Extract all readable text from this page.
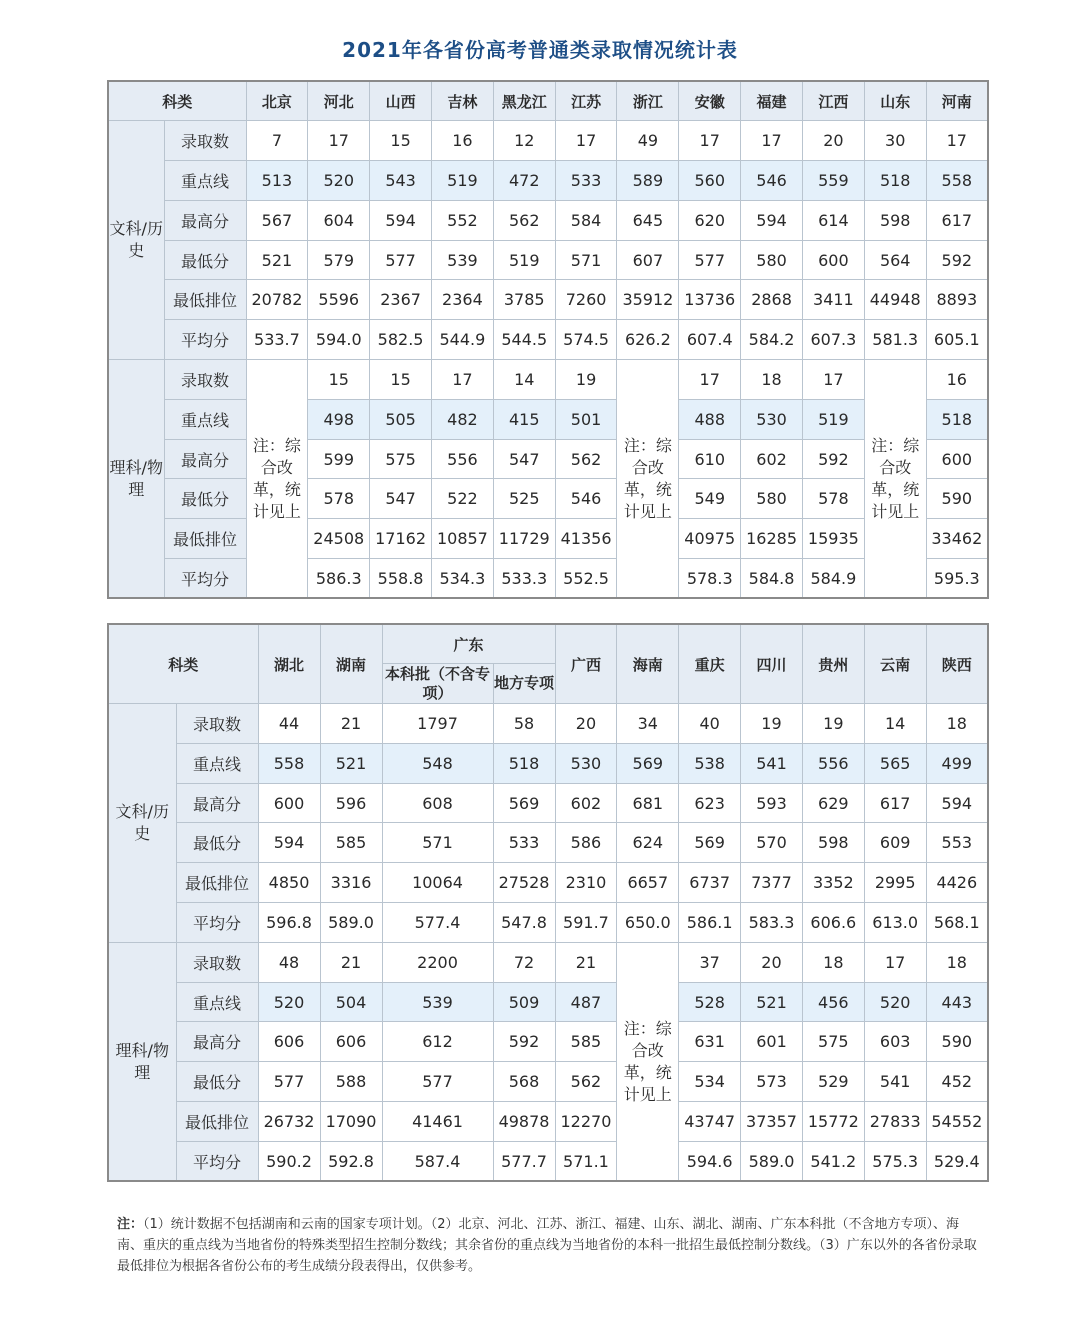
2021年各省份高考普通类录取情况统计表
科类		北京	河北	山西	吉林	黑龙江	江苏	浙江	安徽	福建	江西	山东	河南
文科/历史	录取数	7	17	15	16	12	17	49	17	17	20	30	17
	重点线	513	520	543	519	472	533	589	560	546	559	518	558
	最高分	567	604	594	552	562	584	645	620	594	614	598	617
	最低分	521	579	577	539	519	571	607	577	580	600	564	592
	最低排位	20782	5596	2367	2364	3785	7260	35912	13736	2868	3411	44948	8893
	平均分	533.7	594.0	582.5	544.9	544.5	574.5	626.2	607.4	584.2	607.3	581.3	605.1
理科/物理	录取数	注：综合改革，统计见上	15	15	17	14	19	注：综合改革，统计见上	17	18	17	注：综合改革，统计见上	16
	重点线		498	505	482	415	501		488	530	519		518
	最高分		599	575	556	547	562		610	602	592		600
	最低分		578	547	522	525	546		549	580	578		590
	最低排位		24508	17162	10857	11729	41356		40975	16285	15935		33462
	平均分		586.3	558.8	534.3	533.3	552.5		578.3	584.8	584.9		595.3
科类		湖北	湖南	广东		广西	海南	重庆	四川	贵州	云南	陕西
				本科批（不含专项）	地方专项							
文科/历史	录取数	44	21	1797	58	20	34	40	19	19	14	18
	重点线	558	521	548	518	530	569	538	541	556	565	499
	最高分	600	596	608	569	602	681	623	593	629	617	594
	最低分	594	585	571	533	586	624	569	570	598	609	553
	最低排位	4850	3316	10064	27528	2310	6657	6737	7377	3352	2995	4426
	平均分	596.8	589.0	577.4	547.8	591.7	650.0	586.1	583.3	606.6	613.0	568.1
理科/物理	录取数	48	21	2200	72	21	注：综合改革，统计见上	37	20	18	17	18
	重点线	520	504	539	509	487		528	521	456	520	443
	最高分	606	606	612	592	585		631	601	575	603	590
	最低分	577	588	577	568	562		534	573	529	541	452
	最低排位	26732	17090	41461	49878	12270		43747	37357	15772	27833	54552
	平均分	590.2	592.8	587.4	577.7	571.1		594.6	589.0	541.2	575.3	529.4
注：（1）统计数据不包括湖南和云南的国家专项计划。（2）北京、河北、江苏、浙江、福建、山东、湖北、湖南、广东本科批（不含地方专项）、海南、重庆的重点线为当地省份的特殊类型招生控制分数线；其余省份的重点线为当地省份的本科一批招生最低控制分数线。（3）广东以外的各省份录取最低排位为根据各省份公布的考生成绩分段表得出，仅供参考。
